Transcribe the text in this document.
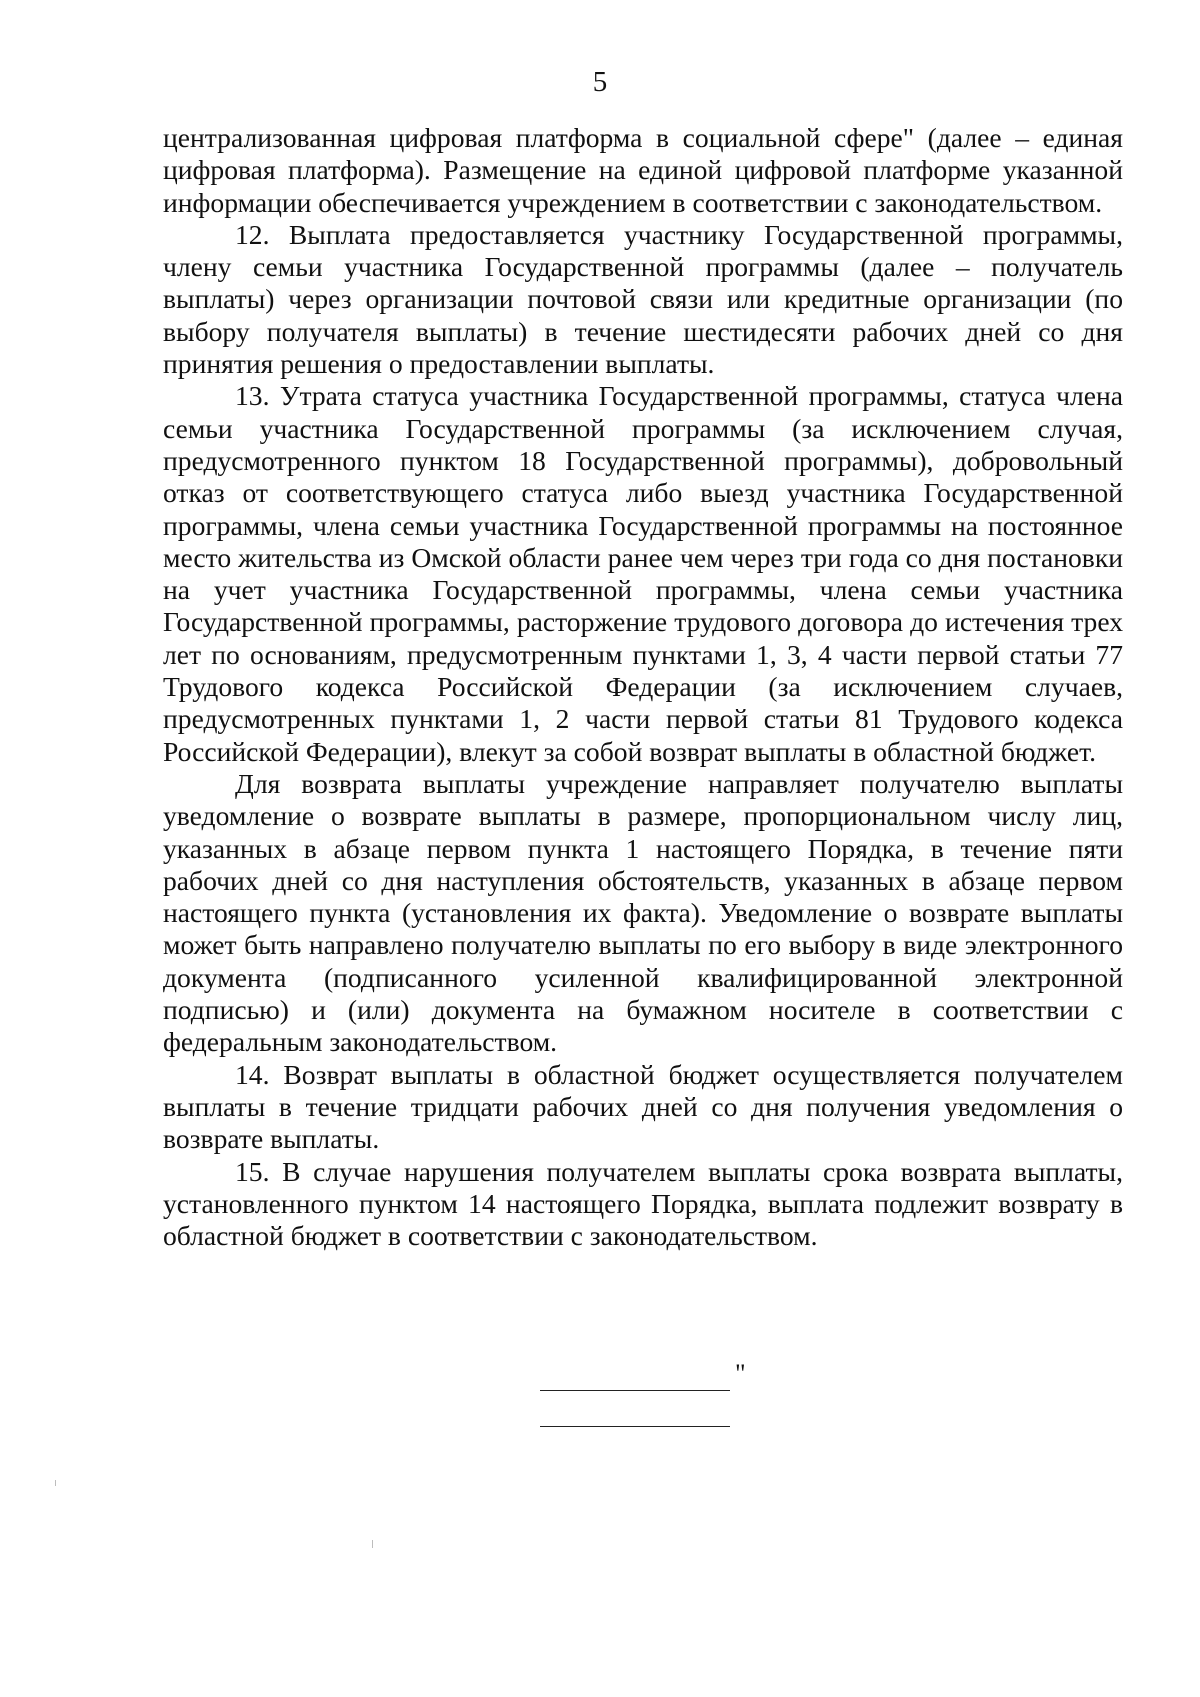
5

централизованная цифровая платформа в социальной сфере" (далее – единая цифровая платформа). Размещение на единой цифровой платформе указанной информации обеспечивается учреждением в соответствии с законодательством.

12. Выплата предоставляется участнику Государственной программы, члену семьи участника Государственной программы (далее – получатель выплаты) через организации почтовой связи или кредитные организации (по выбору получателя выплаты) в течение шестидесяти рабочих дней со дня принятия решения о предоставлении выплаты.

13. Утрата статуса участника Государственной программы, статуса члена семьи участника Государственной программы (за исключением случая, предусмотренного пунктом 18 Государственной программы), добровольный отказ от соответствующего статуса либо выезд участника Государственной программы, члена семьи участника Государственной программы на постоянное место жительства из Омской области ранее чем через три года со дня постановки на учет участника Государственной программы, члена семьи участника Государственной программы, расторжение трудового договора до истечения трех лет по основаниям, предусмотренным пунктами 1, 3, 4 части первой статьи 77 Трудового кодекса Российской Федерации (за исключением случаев, предусмотренных пунктами 1, 2 части первой статьи 81 Трудового кодекса Российской Федерации), влекут за собой возврат выплаты в областной бюджет.

Для возврата выплаты учреждение направляет получателю выплаты уведомление о возврате выплаты в размере, пропорциональном числу лиц, указанных в абзаце первом пункта 1 настоящего Порядка, в течение пяти рабочих дней со дня наступления обстоятельств, указанных в абзаце первом настоящего пункта (установления их факта). Уведомление о возврате выплаты может быть направлено получателю выплаты по его выбору в виде электронного документа (подписанного усиленной квалифицированной электронной подписью) и (или) документа на бумажном носителе в соответствии с федеральным законодательством.

14. Возврат выплаты в областной бюджет осуществляется получателем выплаты в течение тридцати рабочих дней со дня получения уведомления о возврате выплаты.

15. В случае нарушения получателем выплаты срока возврата выплаты, установленного пунктом 14 настоящего Порядка, выплата подлежит возврату в областной бюджет в соответствии с законодательством.

"
